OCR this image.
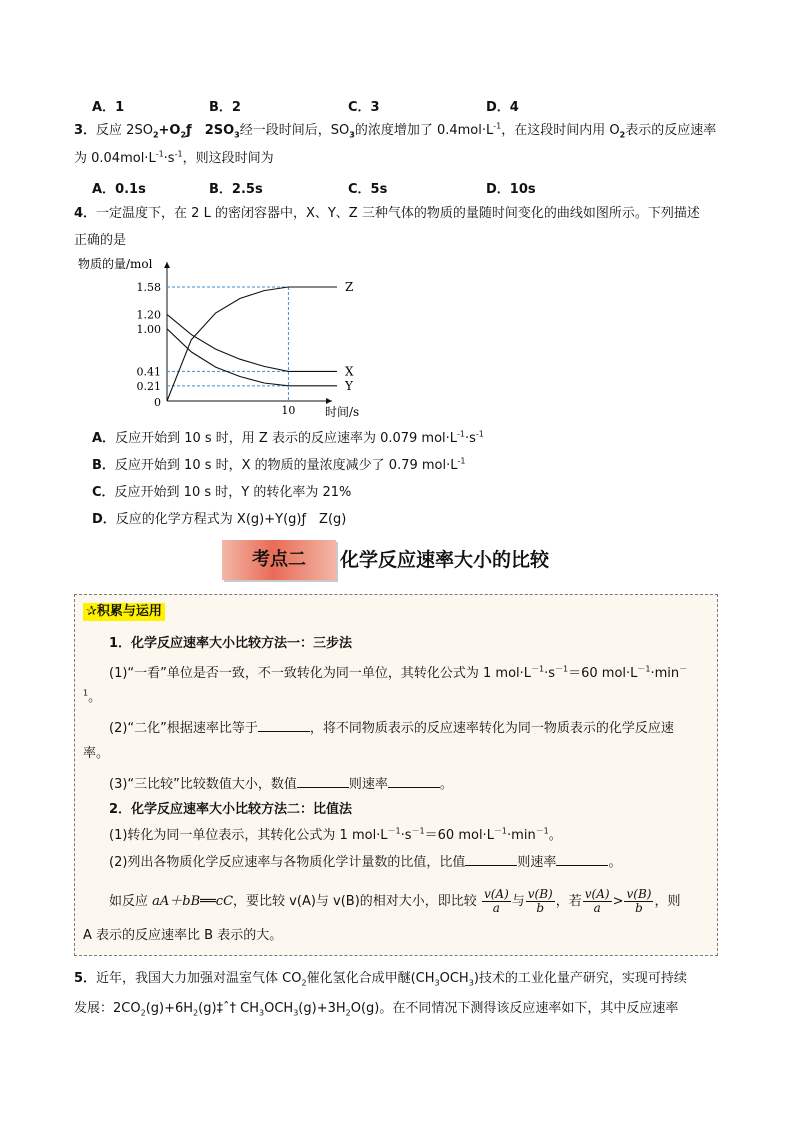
A．1	B．2	C．3	D．4
3．反应 $2SO_2+O_2ƒ$　$2SO_3$经一段时间后，$SO_3$的浓度增加了 $0.4mol\cdot L^{-1}$，在这段时间内用 $O_2$表示的反应速率
为 $0.04mol\cdot L^{-1}\cdot s^{-1}$，则这段时间为
A．0.1s	B．2.5s	C．5s	D．10s
4．一定温度下，在 2 L 的密闭容器中，X、Y、Z 三种气体的物质的量随时间变化的曲线如图所示。下列描述
正确的是
物质的量/mol
时间/s
0
1.58
1.20
1.00
0.41
0.21
10
Z
X
Y
A．反应开始到 10 s 时，用 Z 表示的反应速率为 0.079 $mol\cdot L^{-1}\cdot s^{-1}$
B．反应开始到 10 s 时，X 的物质的量浓度减少了 0.79 $mol\cdot L^{-1}$
C．反应开始到 10 s 时，Y 的转化率为 21%
D．反应的化学方程式为 X(g)+Y(g)ƒ　Z(g)
考点二	化学反应速率大小的比较
✰积累与运用
1．化学反应速率大小比较方法一：三步法
(1)“一看”单位是否一致，不一致转化为同一单位，其转化公式为 1 $mol\cdot L^{-1}\cdot s^{-1}=60$ $mol\cdot L^{-1}\cdot\min^-$
$^1$。
(2)“二化”根据速率比等于	，将不同物质表示的反应速率转化为同一物质表示的化学反应速
率。
(3)“三比较”比较数值大小，数值	则速率	。
2．化学反应速率大小比较方法二：比值法
(1)转化为同一单位表示，其转化公式为 1 $mol\cdot L^{-1}\cdot s^{-1}=60$ $mol\cdot L^{-1}\cdot\min^{-1}$。
(2)列出各物质化学反应速率与各物质化学计量数的比值，比值	则速率	。
如反应 aA＋bB══cC，要比较 v(A)与 v(B)的相对大小，即比较 $\frac{v(A)}{a}$ 与 $\frac{v(B)}{b}$ ，若 $\frac{v(A)}{a} > \frac{v(B)}{b}$ ，则
A 表示的反应速率比 B 表示的大。
5．近年，我国大力加强对温室气体 $CO_2$催化氢化合成甲醚$(CH_3OCH_3)$技术的工业化量产研究，实现可持续
发展：$2CO_2(g)+6H_2(g)\ddagger ˆ\dagger$ $CH_3OCH_3(g)+3H_2O(g)$。在不同情况下测得该反应速率如下，其中反应速率
